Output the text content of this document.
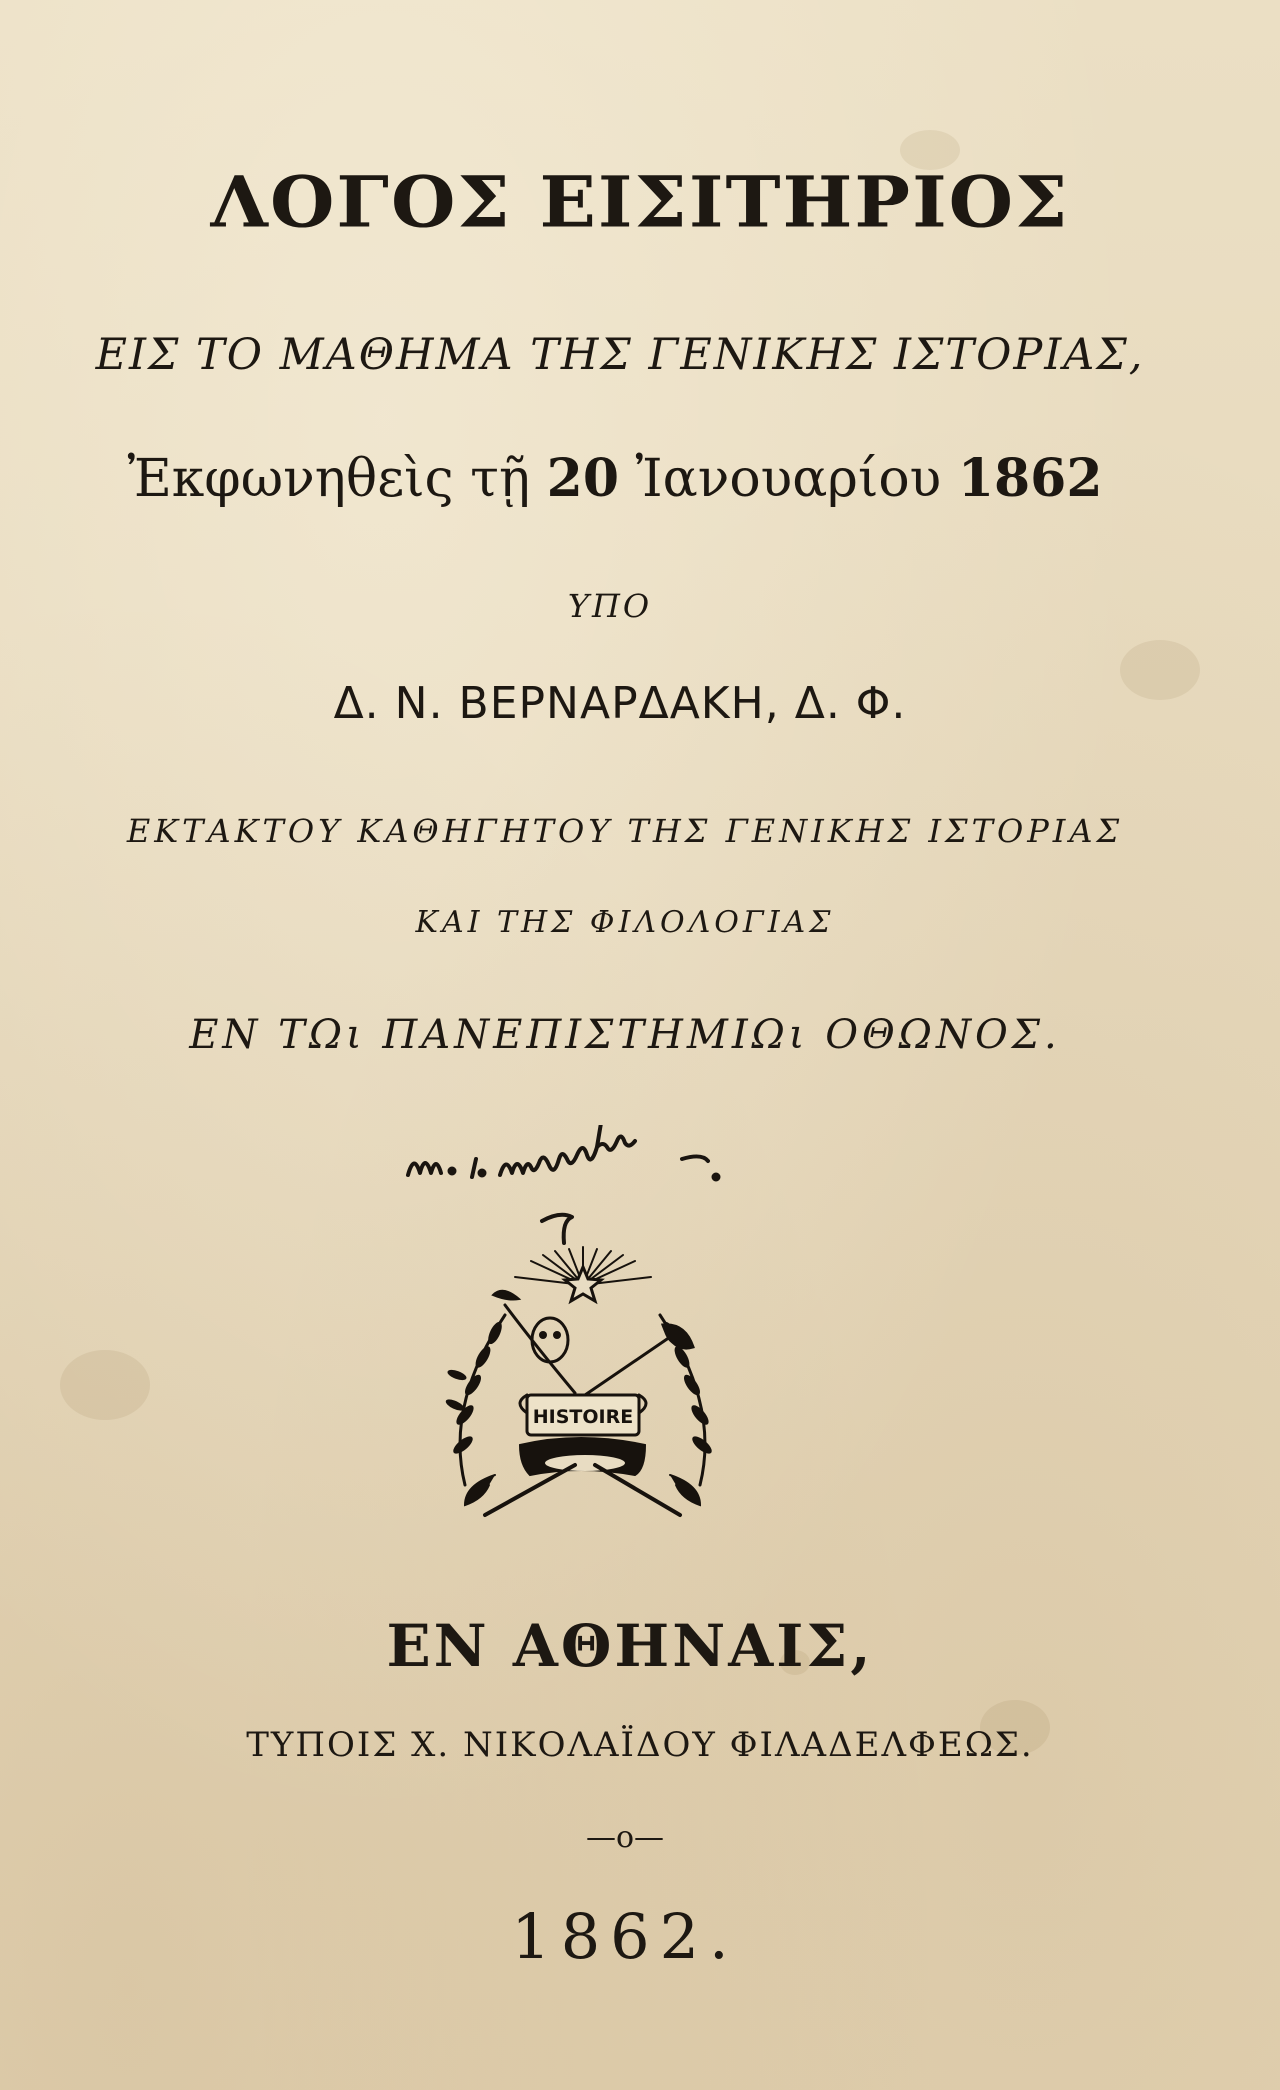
ΛΟΓΟΣ ΕΙΣΙΤΗΡΙΟΣ
ΕΙΣ ΤΟ ΜΑΘΗΜΑ ΤΗΣ ΓΕΝΙΚΗΣ ΙΣΤΟΡΙΑΣ,
Ἐκφωνηθεὶς τῇ 20 Ἰανουαρίου 1862
ΥΠΟ
Δ. Ν. ΒΕΡΝΑΡΔΑΚΗ, Δ. Φ.
ΕΚΤΑΚΤΟΥ ΚΑΘΗΓΗΤΟΥ ΤΗΣ ΓΕΝΙΚΗΣ ΙΣΤΟΡΙΑΣ
ΚΑΙ ΤΗΣ ΦΙΛΟΛΟΓΙΑΣ
ΕΝ ΤΩι ΠΑΝΕΠΙΣΤΗΜΙΩι ΟΘΩΝΟΣ.
HISTOIRE
ΕΝ ΑΘΗΝΑΙΣ,
ΤΥΠΟΙΣ Χ. ΝΙΚΟΛΑΪΔΟΥ ΦΙΛΑΔΕΛΦΕΩΣ.
—o—
1862.
